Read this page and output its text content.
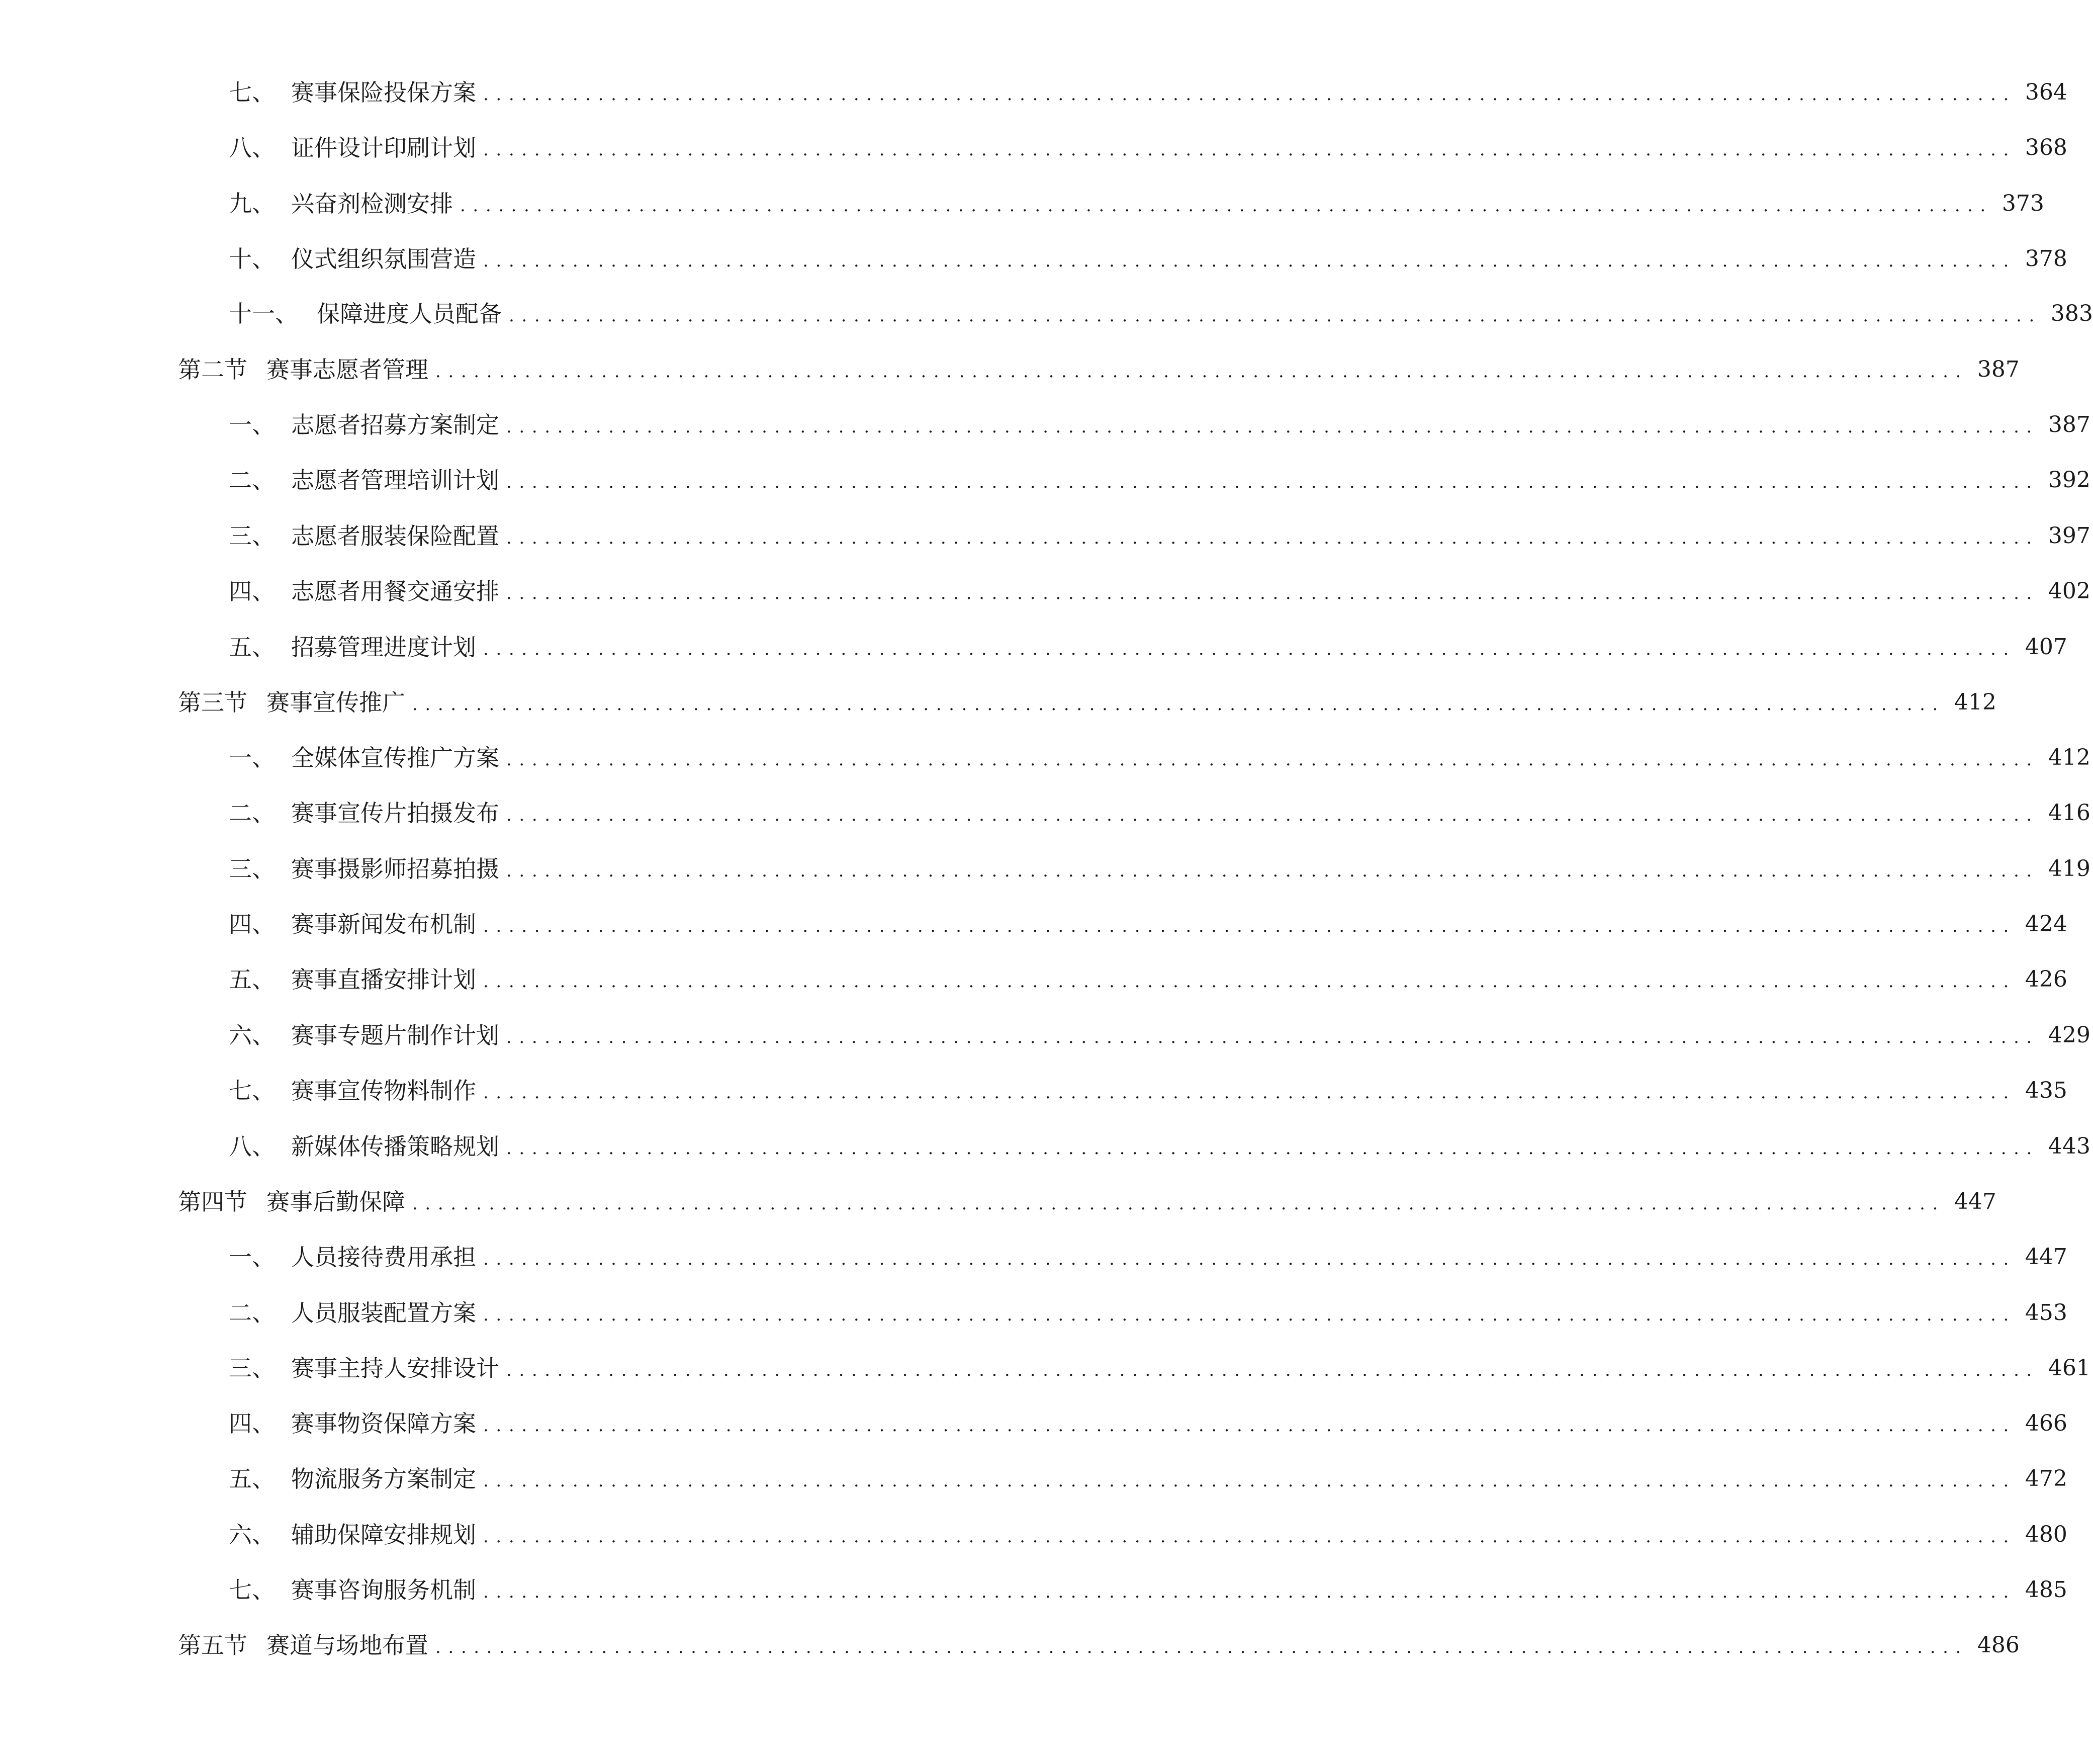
七、 赛事保险投保方案 ........................................................................................................................ 364
八、 证件设计印刷计划 ........................................................................................................................ 368
九、 兴奋剂检测安排 ........................................................................................................................ 373
十、 仪式组织氛围营造 ........................................................................................................................ 378
十一、 保障进度人员配备 ........................................................................................................................ 383
第二节 赛事志愿者管理 ........................................................................................................................ 387
一、 志愿者招募方案制定 ........................................................................................................................ 387
二、 志愿者管理培训计划 ........................................................................................................................ 392
三、 志愿者服装保险配置 ........................................................................................................................ 397
四、 志愿者用餐交通安排 ........................................................................................................................ 402
五、 招募管理进度计划 ........................................................................................................................ 407
第三节 赛事宣传推广 ........................................................................................................................ 412
一、 全媒体宣传推广方案 ........................................................................................................................ 412
二、 赛事宣传片拍摄发布 ........................................................................................................................ 416
三、 赛事摄影师招募拍摄 ........................................................................................................................ 419
四、 赛事新闻发布机制 ........................................................................................................................ 424
五、 赛事直播安排计划 ........................................................................................................................ 426
六、 赛事专题片制作计划 ........................................................................................................................ 429
七、 赛事宣传物料制作 ........................................................................................................................ 435
八、 新媒体传播策略规划 ........................................................................................................................ 443
第四节 赛事后勤保障 ........................................................................................................................ 447
一、 人员接待费用承担 ........................................................................................................................ 447
二、 人员服装配置方案 ........................................................................................................................ 453
三、 赛事主持人安排设计 ........................................................................................................................ 461
四、 赛事物资保障方案 ........................................................................................................................ 466
五、 物流服务方案制定 ........................................................................................................................ 472
六、 辅助保障安排规划 ........................................................................................................................ 480
七、 赛事咨询服务机制 ........................................................................................................................ 485
第五节 赛道与场地布置 ........................................................................................................................ 486
